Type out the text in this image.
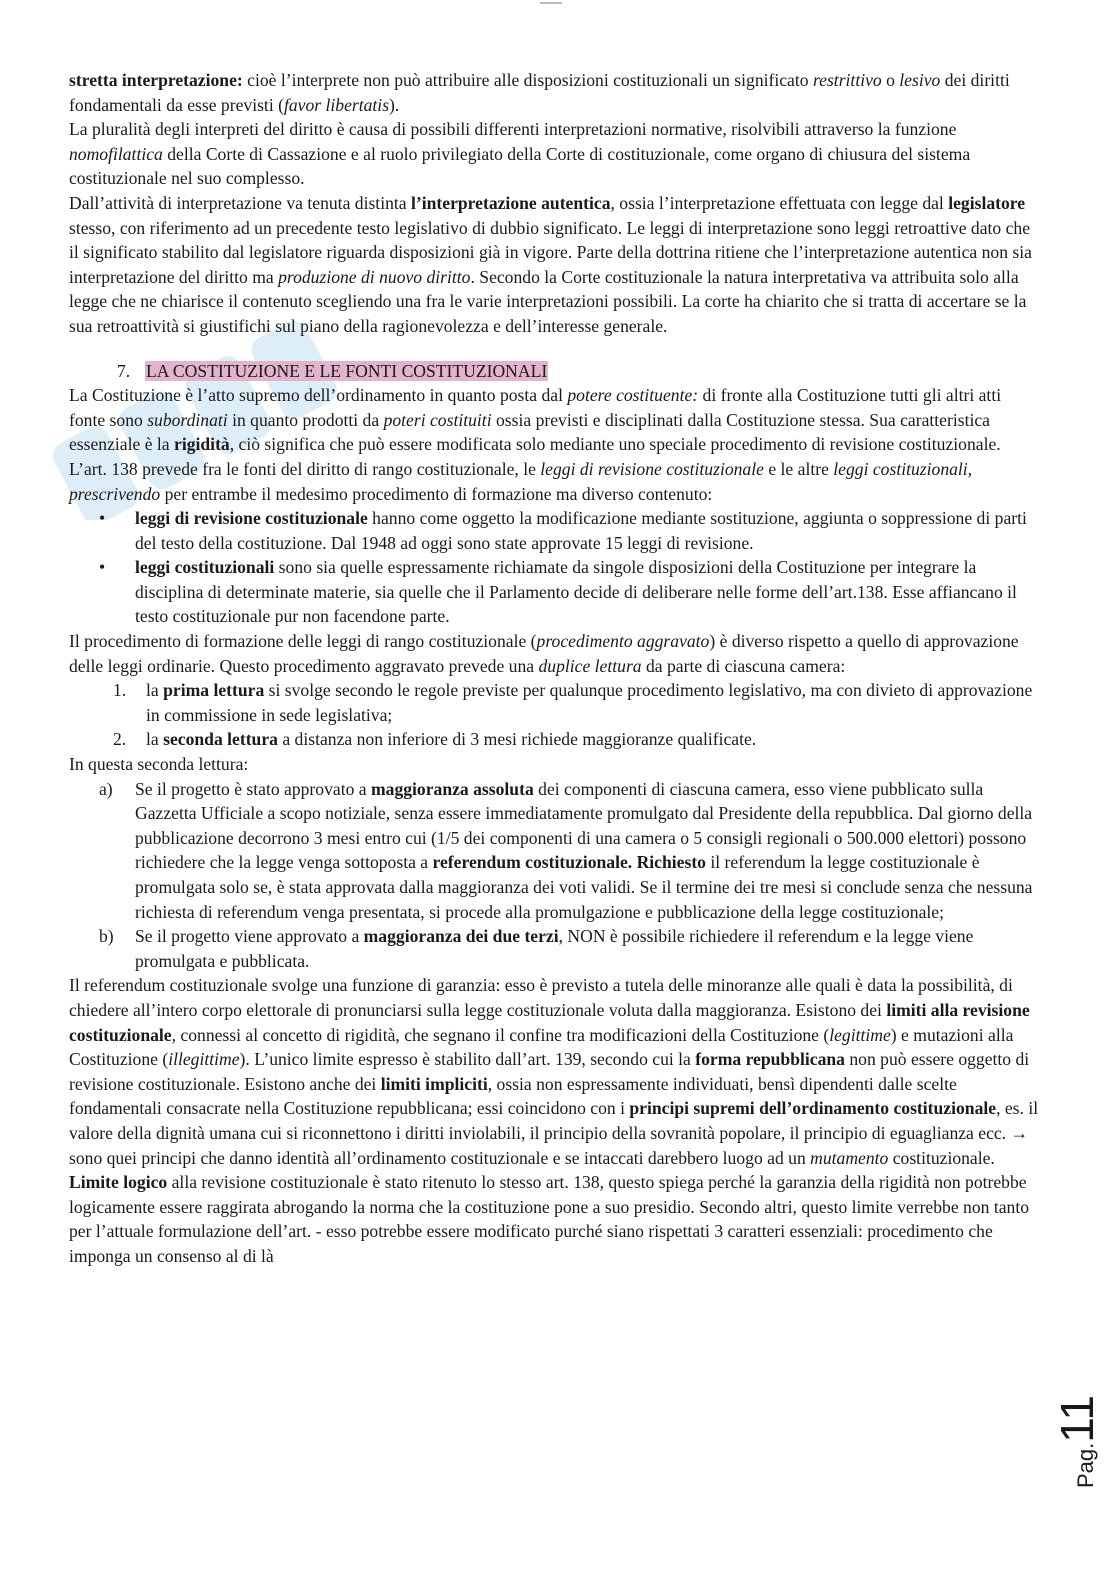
stretta interpretazione: cioè l’interprete non può attribuire alle disposizioni costituzionali un significato restrittivo o lesivo dei diritti fondamentali da esse previsti (favor libertatis).

La pluralità degli interpreti del diritto è causa di possibili differenti interpretazioni normative, risolvibili attraverso la funzione nomofilattica della Corte di Cassazione e al ruolo privilegiato della Corte di costituzionale, come organo di chiusura del sistema costituzionale nel suo complesso.

Dall’attività di interpretazione va tenuta distinta l’interpretazione autentica, ossia l’interpretazione effettuata con legge dal legislatore stesso, con riferimento ad un precedente testo legislativo di dubbio significato. Le leggi di interpretazione sono leggi retroattive dato che il significato stabilito dal legislatore riguarda disposizioni già in vigore. Parte della dottrina ritiene che l’interpretazione autentica non sia interpretazione del diritto ma produzione di nuovo diritto. Secondo la Corte costituzionale la natura interpretativa va attribuita solo alla legge che ne chiarisce il contenuto scegliendo una fra le varie interpretazioni possibili. La corte ha chiarito che si tratta di accertare se la sua retroattività si giustifichi sul piano della ragionevolezza e dell’interesse generale.

7. LA COSTITUZIONE E LE FONTI COSTITUZIONALI

La Costituzione è l’atto supremo dell’ordinamento in quanto posta dal potere costituente: di fronte alla Costituzione tutti gli altri atti fonte sono subordinati in quanto prodotti da poteri costituiti ossia previsti e disciplinati dalla Costituzione stessa. Sua caratteristica essenziale è la rigidità, ciò significa che può essere modificata solo mediante uno speciale procedimento di revisione costituzionale.

L’art. 138 prevede fra le fonti del diritto di rango costituzionale, le leggi di revisione costituzionale e le altre leggi costituzionali, prescrivendo per entrambe il medesimo procedimento di formazione ma diverso contenuto:

• leggi di revisione costituzionale hanno come oggetto la modificazione mediante sostituzione, aggiunta o soppressione di parti del testo della costituzione. Dal 1948 ad oggi sono state approvate 15 leggi di revisione.
• leggi costituzionali sono sia quelle espressamente richiamate da singole disposizioni della Costituzione per integrare la disciplina di determinate materie, sia quelle che il Parlamento decide di deliberare nelle forme dell’art.138. Esse affiancano il testo costituzionale pur non facendone parte.

Il procedimento di formazione delle leggi di rango costituzionale (procedimento aggravato) è diverso rispetto a quello di approvazione delle leggi ordinarie. Questo procedimento aggravato prevede una duplice lettura da parte di ciascuna camera:

1. la prima lettura si svolge secondo le regole previste per qualunque procedimento legislativo, ma con divieto di approvazione in commissione in sede legislativa;
2. la seconda lettura a distanza non inferiore di 3 mesi richiede maggioranze qualificate.

In questa seconda lettura:

a) Se il progetto è stato approvato a maggioranza assoluta dei componenti di ciascuna camera, esso viene pubblicato sulla Gazzetta Ufficiale a scopo notiziale, senza essere immediatamente promulgato dal Presidente della repubblica. Dal giorno della pubblicazione decorrono 3 mesi entro cui (1/5 dei componenti di una camera o 5 consigli regionali o 500.000 elettori) possono richiedere che la legge venga sottoposta a referendum costituzionale. Richiesto il referendum la legge costituzionale è promulgata solo se, è stata approvata dalla maggioranza dei voti validi. Se il termine dei tre mesi si conclude senza che nessuna richiesta di referendum venga presentata, si procede alla promulgazione e pubblicazione della legge costituzionale;
b) Se il progetto viene approvato a maggioranza dei due terzi, NON è possibile richiedere il referendum e la legge viene promulgata e pubblicata.

Il referendum costituzionale svolge una funzione di garanzia: esso è previsto a tutela delle minoranze alle quali è data la possibilità, di chiedere all’intero corpo elettorale di pronunciarsi sulla legge costituzionale voluta dalla maggioranza. Esistono dei limiti alla revisione costituzionale, connessi al concetto di rigidità, che segnano il confine tra modificazioni della Costituzione (legittime) e mutazioni alla Costituzione (illegittime). L’unico limite espresso è stabilito dall’art. 139, secondo cui la forma repubblicana non può essere oggetto di revisione costituzionale. Esistono anche dei limiti impliciti, ossia non espressamente individuati, bensì dipendenti dalle scelte fondamentali consacrate nella Costituzione repubblicana; essi coincidono con i principi supremi dell’ordinamento costituzionale, es. il valore della dignità umana cui si riconnettono i diritti inviolabili, il principio della sovranità popolare, il principio di eguaglianza ecc. → sono quei principi che danno identità all’ordinamento costituzionale e se intaccati darebbero luogo ad un mutamento costituzionale.

Limite logico alla revisione costituzionale è stato ritenuto lo stesso art. 138, questo spiega perché la garanzia della rigidità non potrebbe logicamente essere raggirata abrogando la norma che la costituzione pone a suo presidio. Secondo altri, questo limite verrebbe non tanto per l’attuale formulazione dell’art. - esso potrebbe essere modificato purché siano rispettati 3 caratteri essenziali: procedimento che imponga un consenso al di là

Pag.11
